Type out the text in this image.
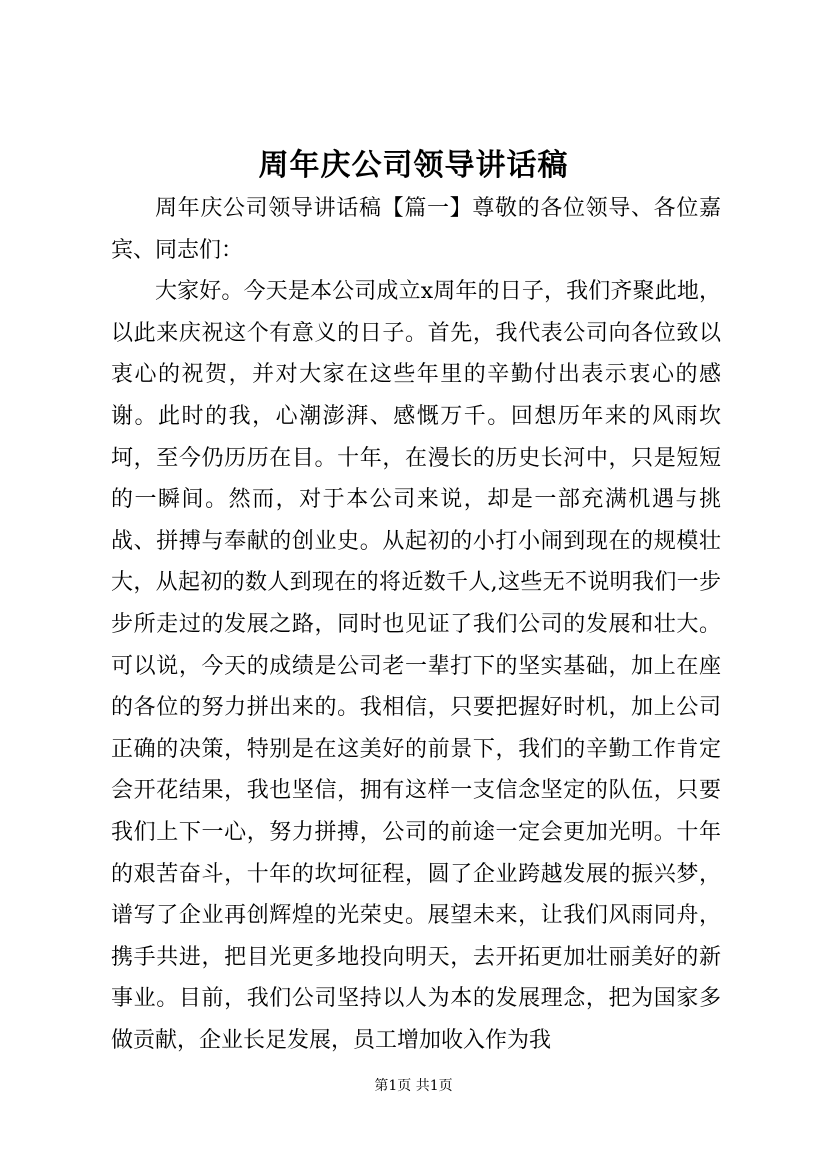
周年庆公司领导讲话稿

周年庆公司领导讲话稿【篇一】尊敬的各位领导、各位嘉宾、同志们：

大家好。今天是本公司成立x周年的日子，我们齐聚此地，以此来庆祝这个有意义的日子。首先，我代表公司向各位致以衷心的祝贺，并对大家在这些年里的辛勤付出表示衷心的感谢。此时的我，心潮澎湃、感慨万千。回想历年来的风雨坎坷，至今仍历历在目。十年，在漫长的历史长河中，只是短短的一瞬间。然而，对于本公司来说，却是一部充满机遇与挑战、拼搏与奉献的创业史。从起初的小打小闹到现在的规模壮大，从起初的数人到现在的将近数千人,这些无不说明我们一步步所走过的发展之路，同时也见证了我们公司的发展和壮大。可以说，今天的成绩是公司老一辈打下的坚实基础，加上在座的各位的努力拼出来的。我相信，只要把握好时机，加上公司正确的决策，特别是在这美好的前景下，我们的辛勤工作肯定会开花结果，我也坚信，拥有这样一支信念坚定的队伍，只要我们上下一心，努力拼搏，公司的前途一定会更加光明。十年的艰苦奋斗，十年的坎坷征程，圆了企业跨越发展的振兴梦，谱写了企业再创辉煌的光荣史。展望未来，让我们风雨同舟，携手共进，把目光更多地投向明天，去开拓更加壮丽美好的新事业。目前，我们公司坚持以人为本的发展理念，把为国家多做贡献，企业长足发展，员工增加收入作为我

第1页 共1页
